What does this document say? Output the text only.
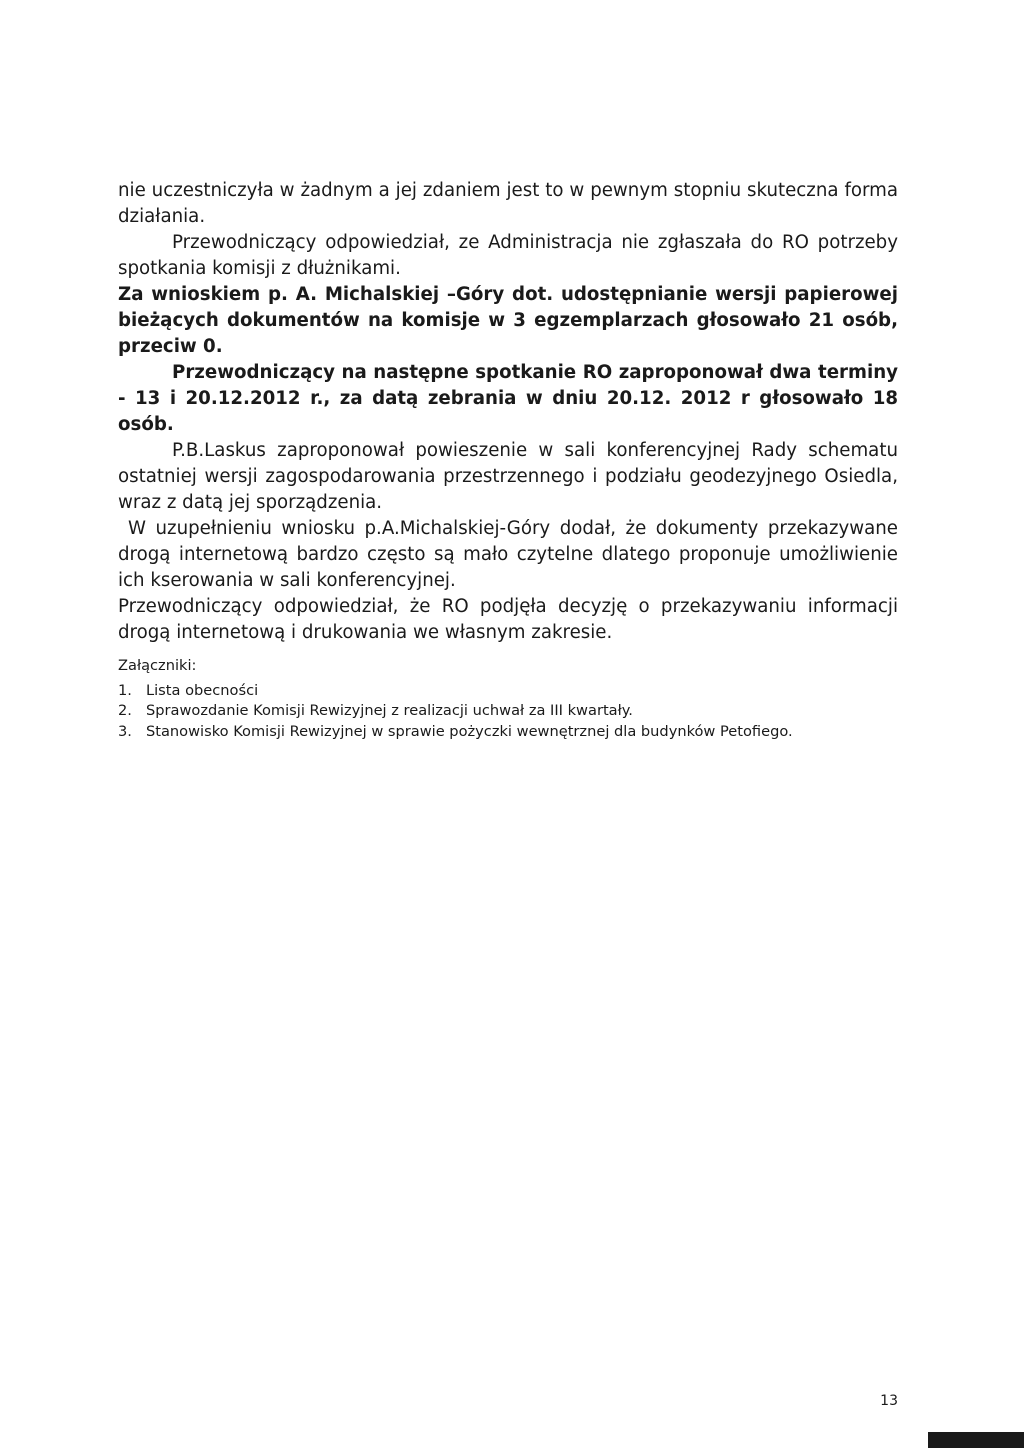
nie uczestniczyła w żadnym a jej zdaniem jest to w pewnym stopniu skuteczna forma działania.

Przewodniczący odpowiedział, ze Administracja nie zgłaszała do RO potrzeby spotkania komisji z dłużnikami.

Za wnioskiem p. A. Michalskiej –Góry dot. udostępnianie wersji papierowej bieżących dokumentów na komisje w 3 egzemplarzach głosowało 21 osób, przeciw 0.

Przewodniczący na następne spotkanie RO zaproponował dwa terminy - 13 i 20.12.2012 r., za datą zebrania w dniu 20.12. 2012 r głosowało 18 osób.

P.B.Laskus zaproponował powieszenie w sali konferencyjnej Rady schematu ostatniej wersji zagospodarowania przestrzennego i podziału geodezyjnego Osiedla, wraz z datą jej sporządzenia.

W uzupełnieniu wniosku p.A.Michalskiej-Góry dodał, że dokumenty przekazywane drogą internetową bardzo często są mało czytelne dlatego proponuje umożliwienie ich kserowania w sali konferencyjnej.

Przewodniczący odpowiedział, że RO podjęła decyzję o przekazywaniu informacji drogą internetową i drukowania we własnym zakresie.

Załączniki:

1. Lista obecności
2. Sprawozdanie Komisji Rewizyjnej z realizacji uchwał za III kwartały.
3. Stanowisko Komisji Rewizyjnej w sprawie pożyczki wewnętrznej dla budynków Petofiego.
13
